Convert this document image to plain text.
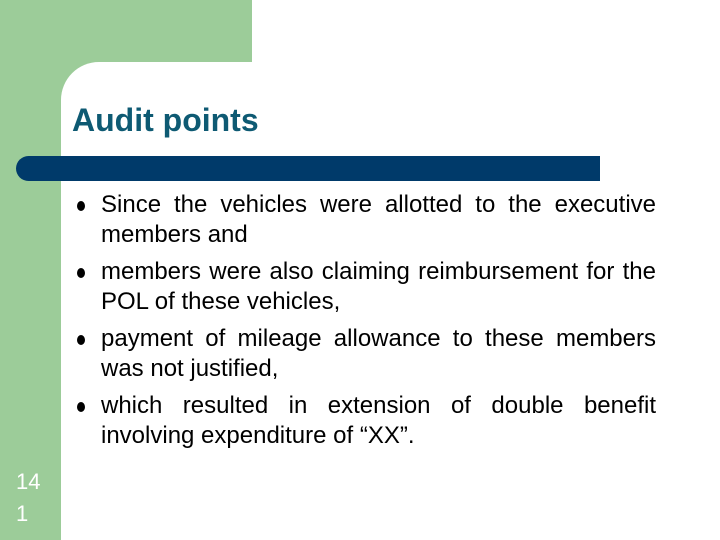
Audit points
Since the vehicles were allotted to the executive members and
members were also claiming reimbursement for the POL of these vehicles,
payment of mileage allowance to these members was not justified,
which resulted in extension of double benefit involving expenditure of “XX”.
14
1
